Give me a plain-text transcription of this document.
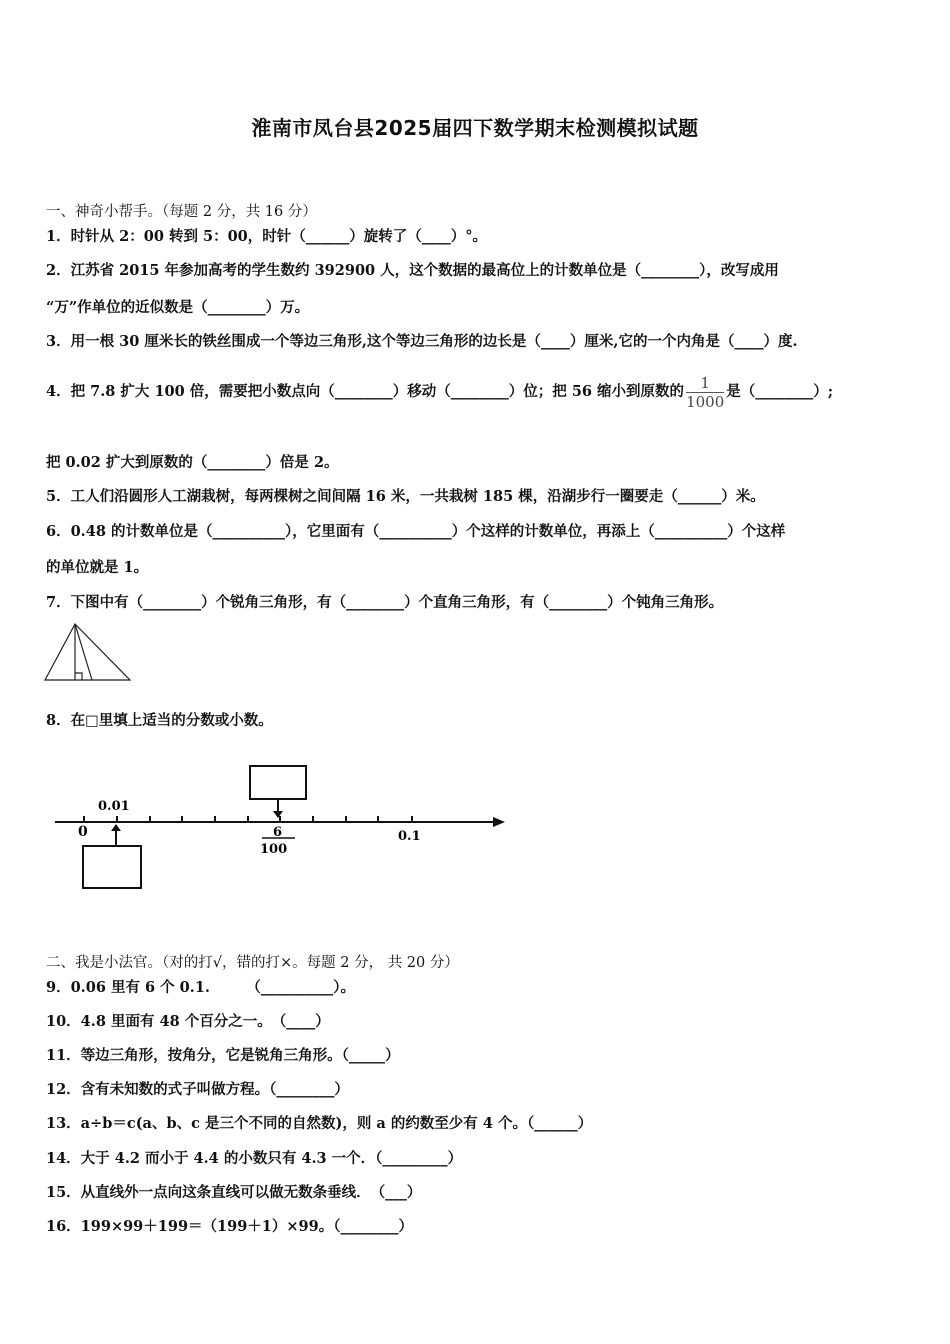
淮南市凤台县2025届四下数学期末检测模拟试题
一、神奇小帮手。（每题 2 分，共 16 分）
1．时针从 2：00 转到 5：00，时针（______）旋转了（____）°。
2．江苏省 2015 年参加高考的学生数约 392900 人，这个数据的最高位上的计数单位是（________），改写成用
“万”作单位的近似数是（________）万。
3．用一根 30 厘米长的铁丝围成一个等边三角形,这个等边三角形的边长是（____）厘米,它的一个内角是（____）度.
4．把 7.8 扩大 100 倍，需要把小数点向（________）移动（________）位；把 56 缩小到原数的 $\frac{1}{1000}$ 是（________）;
把 0.02 扩大到原数的（________）倍是 2。
5．工人们沿圆形人工湖栽树，每两棵树之间间隔 16 米，一共栽树 185 棵，沿湖步行一圈要走（______）米。
6．0.48 的计数单位是（__________），它里面有（__________）个这样的计数单位，再添上（__________）个这样
的单位就是 1。
7．下图中有（________）个锐角三角形，有（________）个直角三角形，有（________）个钝角三角形。
8．在□里填上适当的分数或小数。
0.01
0	6
100
0.1
二、我是小法官。（对的打√，错的打×。每题 2 分， 共 20 分）
9．0.06 里有 6 个 0.1.　　　（__________）。
10．4.8 里面有 48 个百分之一。　（____）
11．等边三角形，按角分，它是锐角三角形。（_____）
12．含有未知数的式子叫做方程。（________）
13．a÷b＝c(a、b、c 是三个不同的自然数)，则 a 的约数至少有 4 个。（______）
14．大于 4.2 而小于 4.4 的小数只有 4.3 一个．（_________）
15．从直线外一点向这条直线可以做无数条垂线．　（___）
16．199×99＋199＝（199＋1）×99。（________）
